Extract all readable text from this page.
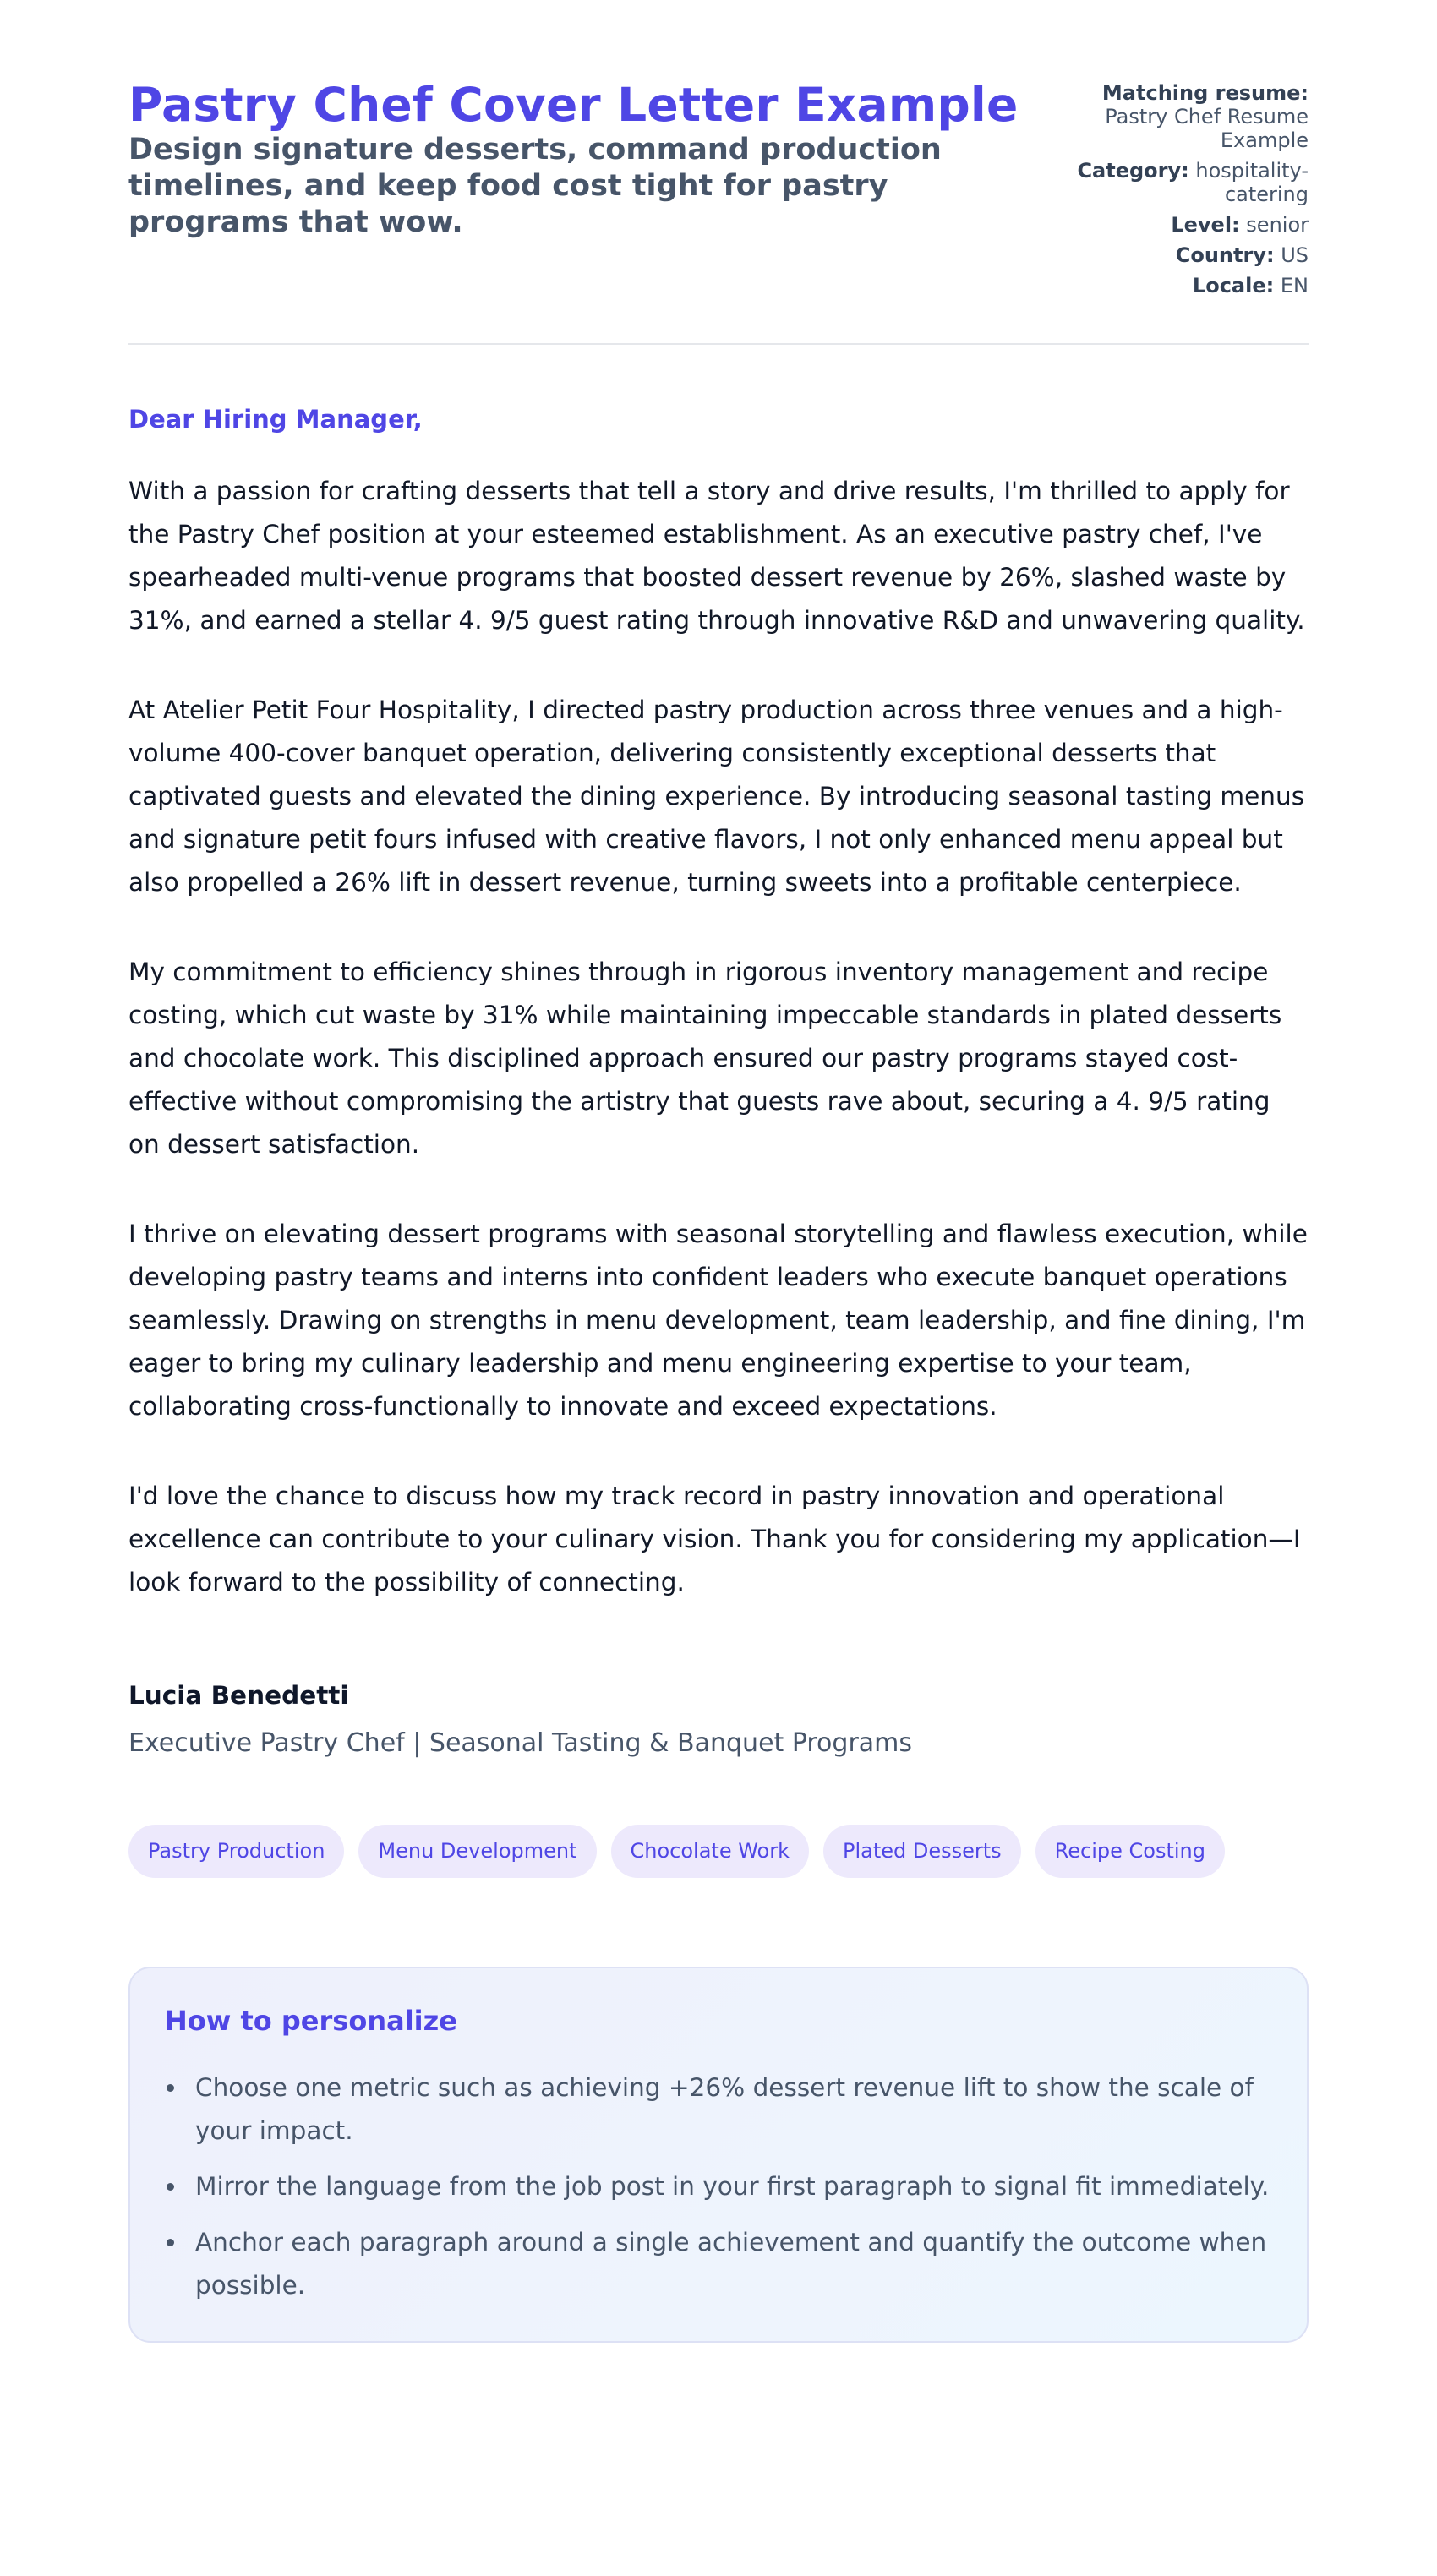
Pastry Chef Cover Letter Example
Design signature desserts, command production timelines, and keep food cost tight for pastry programs that wow.
Matching resume: Pastry Chef Resume Example
Category: hospitality-catering
Level: senior
Country: US
Locale: EN

Dear Hiring Manager,

With a passion for crafting desserts that tell a story and drive results, I'm thrilled to apply for the Pastry Chef position at your esteemed establishment. As an executive pastry chef, I've spearheaded multi-venue programs that boosted dessert revenue by 26%, slashed waste by 31%, and earned a stellar 4. 9/5 guest rating through innovative R&D and unwavering quality.

At Atelier Petit Four Hospitality, I directed pastry production across three venues and a high-volume 400-cover banquet operation, delivering consistently exceptional desserts that captivated guests and elevated the dining experience. By introducing seasonal tasting menus and signature petit fours infused with creative flavors, I not only enhanced menu appeal but also propelled a 26% lift in dessert revenue, turning sweets into a profitable centerpiece.

My commitment to efficiency shines through in rigorous inventory management and recipe costing, which cut waste by 31% while maintaining impeccable standards in plated desserts and chocolate work. This disciplined approach ensured our pastry programs stayed cost-effective without compromising the artistry that guests rave about, securing a 4. 9/5 rating on dessert satisfaction.

I thrive on elevating dessert programs with seasonal storytelling and flawless execution, while developing pastry teams and interns into confident leaders who execute banquet operations seamlessly. Drawing on strengths in menu development, team leadership, and fine dining, I'm eager to bring my culinary leadership and menu engineering expertise to your team, collaborating cross-functionally to innovate and exceed expectations.

I'd love the chance to discuss how my track record in pastry innovation and operational excellence can contribute to your culinary vision. Thank you for considering my application—I look forward to the possibility of connecting.

Lucia Benedetti
Executive Pastry Chef | Seasonal Tasting & Banquet Programs
Pastry Production	Menu Development	Chocolate Work	Plated Desserts	Recipe Costing
How to personalize
Choose one metric such as achieving +26% dessert revenue lift to show the scale of your impact.
Mirror the language from the job post in your first paragraph to signal fit immediately.
Anchor each paragraph around a single achievement and quantify the outcome when possible.
